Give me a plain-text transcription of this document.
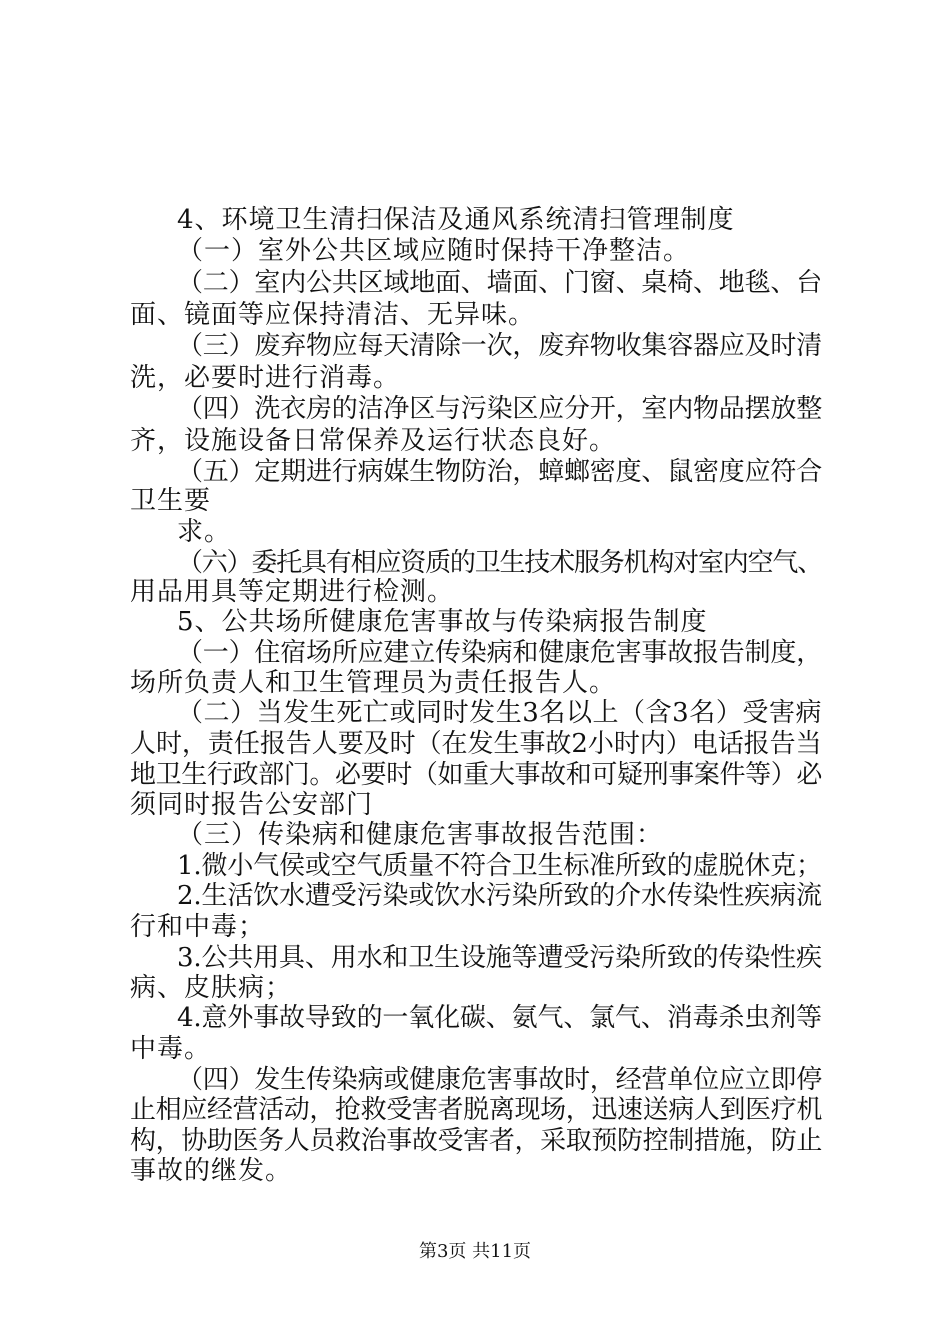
4、环境卫生清扫保洁及通风系统清扫管理制度
（一）室外公共区域应随时保持干净整洁。
（二）室内公共区域地面、墙面、门窗、桌椅、地毯、台
面、镜面等应保持清洁、无异味。
（三）废弃物应每天清除一次，废弃物收集容器应及时清
洗，必要时进行消毒。
（四）洗衣房的洁净区与污染区应分开，室内物品摆放整
齐，设施设备日常保养及运行状态良好。
（五）定期进行病媒生物防治，蟑螂密度、鼠密度应符合
卫生要
求。
（六）委托具有相应资质的卫生技术服务机构对室内空气、
用品用具等定期进行检测。
5、公共场所健康危害事故与传染病报告制度
（一）住宿场所应建立传染病和健康危害事故报告制度，
场所负责人和卫生管理员为责任报告人。
（二）当发生死亡或同时发生3名以上（含3名）受害病
人时，责任报告人要及时（在发生事故2小时内）电话报告当
地卫生行政部门。必要时（如重大事故和可疑刑事案件等）必
须同时报告公安部门
（三）传染病和健康危害事故报告范围：
1.微小气侯或空气质量不符合卫生标准所致的虚脱休克；
2.生活饮水遭受污染或饮水污染所致的介水传染性疾病流
行和中毒；
3.公共用具、用水和卫生设施等遭受污染所致的传染性疾
病、皮肤病；
4.意外事故导致的一氧化碳、氨气、氯气、消毒杀虫剂等
中毒。
（四）发生传染病或健康危害事故时，经营单位应立即停
止相应经营活动，抢救受害者脱离现场，迅速送病人到医疗机
构，协助医务人员救治事故受害者，采取预防控制措施，防止
事故的继发。
第3页 共11页
